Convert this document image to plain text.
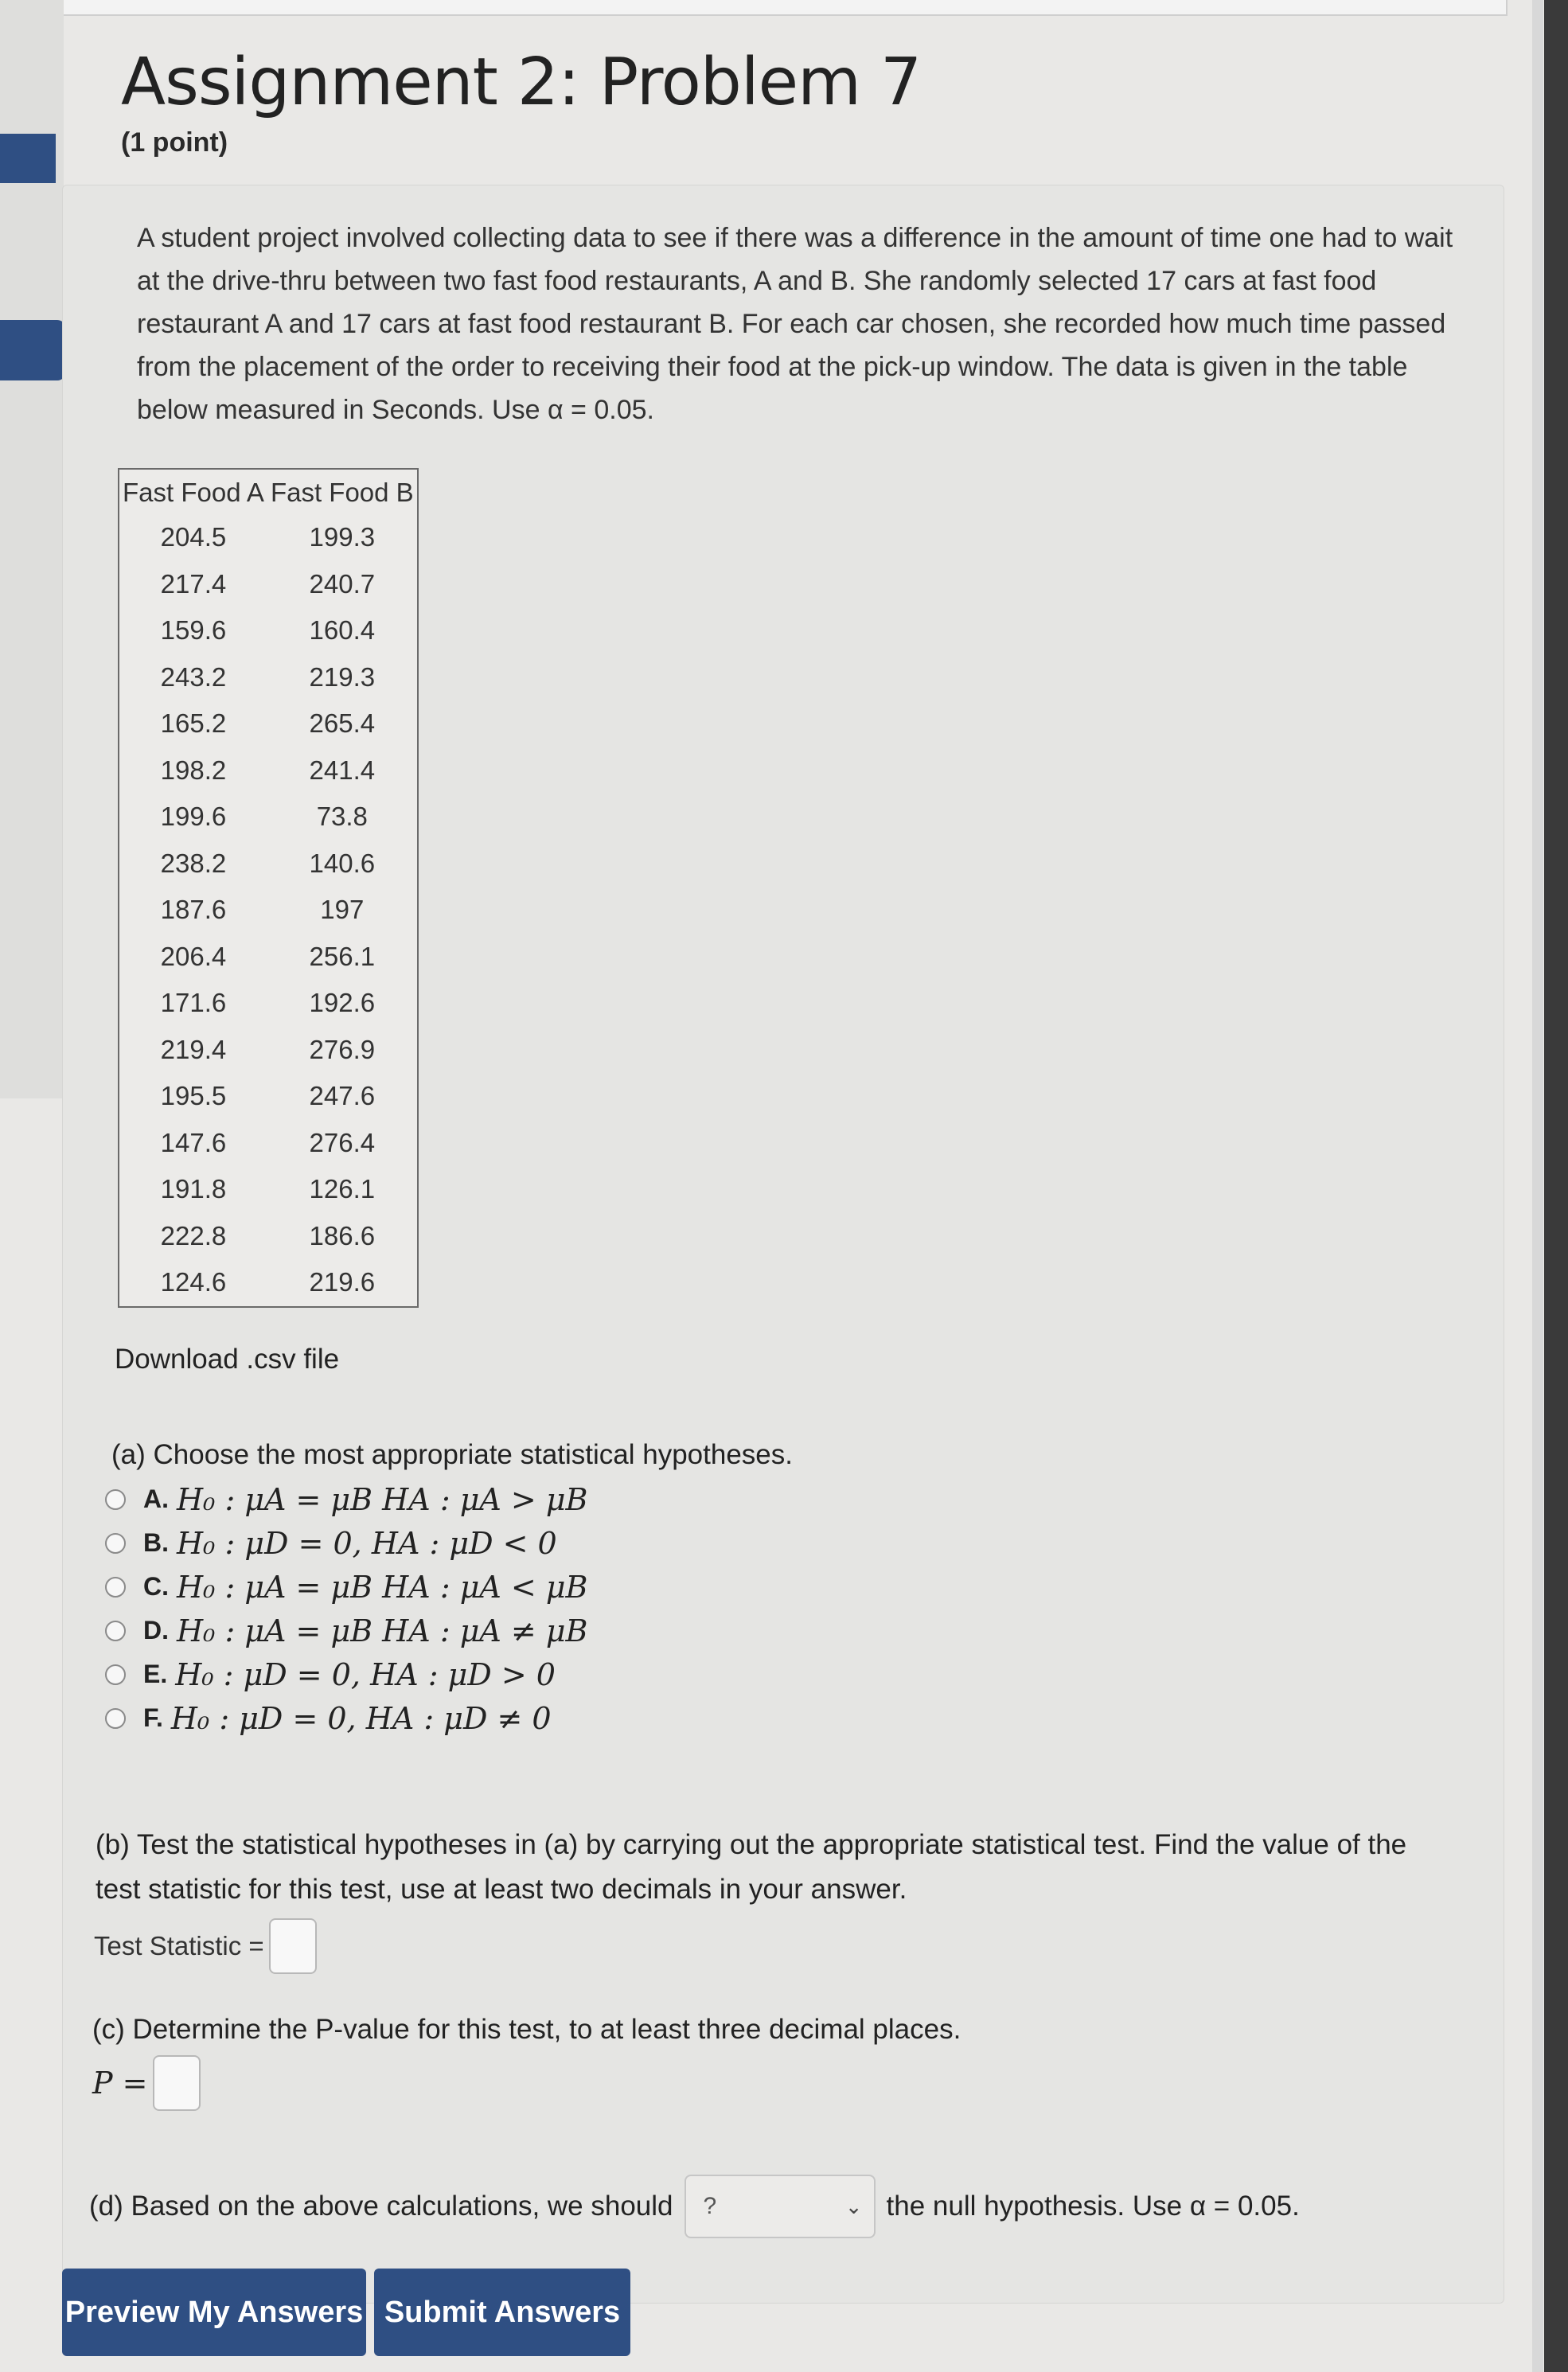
Assignment 2: Problem 7
(1 point)
A student project involved collecting data to see if there was a difference in the amount of time one had to wait at the drive-thru between two fast food restaurants, A and B. She randomly selected 17 cars at fast food restaurant A and 17 cars at fast food restaurant B. For each car chosen, she recorded how much time passed from the placement of the order to receiving their food at the pick-up window. The data is given in the table below measured in Seconds. Use α = 0.05.
Fast Food A	Fast Food B
204.5	199.3
217.4	240.7
159.6	160.4
243.2	219.3
165.2	265.4
198.2	241.4
199.6	73.8
238.2	140.6
187.6	197
206.4	256.1
171.6	192.6
219.4	276.9
195.5	247.6
147.6	276.4
191.8	126.1
222.8	186.6
124.6	219.6
Download .csv file
(a) Choose the most appropriate statistical hypotheses.
A. H₀ : μA = μB HA : μA > μB
B. H₀ : μD = 0, HA : μD < 0
C. H₀ : μA = μB HA : μA < μB
D. H₀ : μA = μB HA : μA ≠ μB
E. H₀ : μD = 0, HA : μD > 0
F. H₀ : μD = 0, HA : μD ≠ 0
(b) Test the statistical hypotheses in (a) by carrying out the appropriate statistical test. Find the value of the test statistic for this test, use at least two decimals in your answer.
Test Statistic =
(c) Determine the P-value for this test, to at least three decimal places.
P =
(d) Based on the above calculations, we should ?	⌄ the null hypothesis. Use α = 0.05.
Preview My Answers Submit Answers
